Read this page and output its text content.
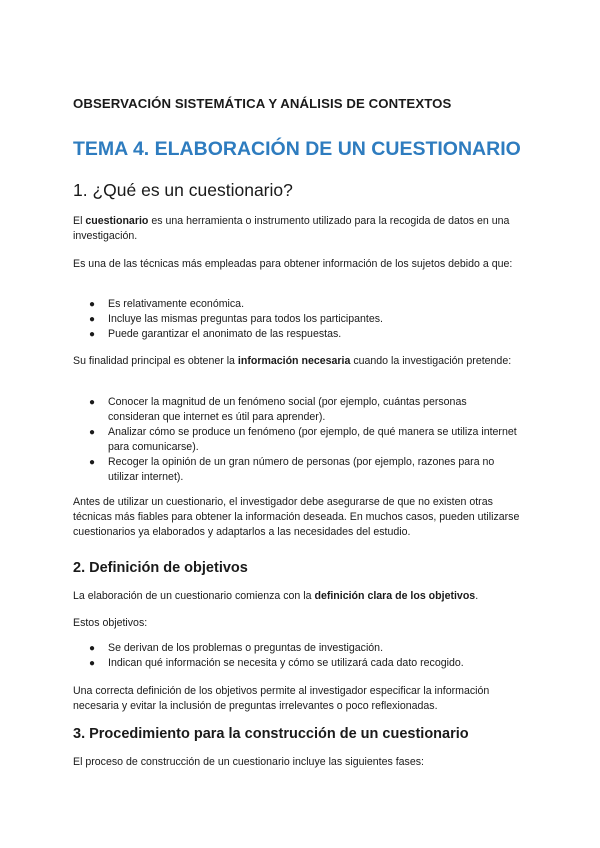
OBSERVACIÓN SISTEMÁTICA Y ANÁLISIS DE CONTEXTOS
TEMA 4. ELABORACIÓN DE UN CUESTIONARIO
1. ¿Qué es un cuestionario?

El cuestionario es una herramienta o instrumento utilizado para la recogida de datos en una investigación.

Es una de las técnicas más empleadas para obtener información de los sujetos debido a que:

●	Es relativamente económica.
●	Incluye las mismas preguntas para todos los participantes.
●	Puede garantizar el anonimato de las respuestas.

Su finalidad principal es obtener la información necesaria cuando la investigación pretende:

●	Conocer la magnitud de un fenómeno social (por ejemplo, cuántas personas consideran que internet es útil para aprender).
●	Analizar cómo se produce un fenómeno (por ejemplo, de qué manera se utiliza internet para comunicarse).
●	Recoger la opinión de un gran número de personas (por ejemplo, razones para no utilizar internet).

Antes de utilizar un cuestionario, el investigador debe asegurarse de que no existen otras técnicas más fiables para obtener la información deseada. En muchos casos, pueden utilizarse cuestionarios ya elaborados y adaptarlos a las necesidades del estudio.

2. Definición de objetivos

La elaboración de un cuestionario comienza con la definición clara de los objetivos.

Estos objetivos:

●	Se derivan de los problemas o preguntas de investigación.
●	Indican qué información se necesita y cómo se utilizará cada dato recogido.

Una correcta definición de los objetivos permite al investigador especificar la información necesaria y evitar la inclusión de preguntas irrelevantes o poco reflexionadas.

3. Procedimiento para la construcción de un cuestionario

El proceso de construcción de un cuestionario incluye las siguientes fases:
